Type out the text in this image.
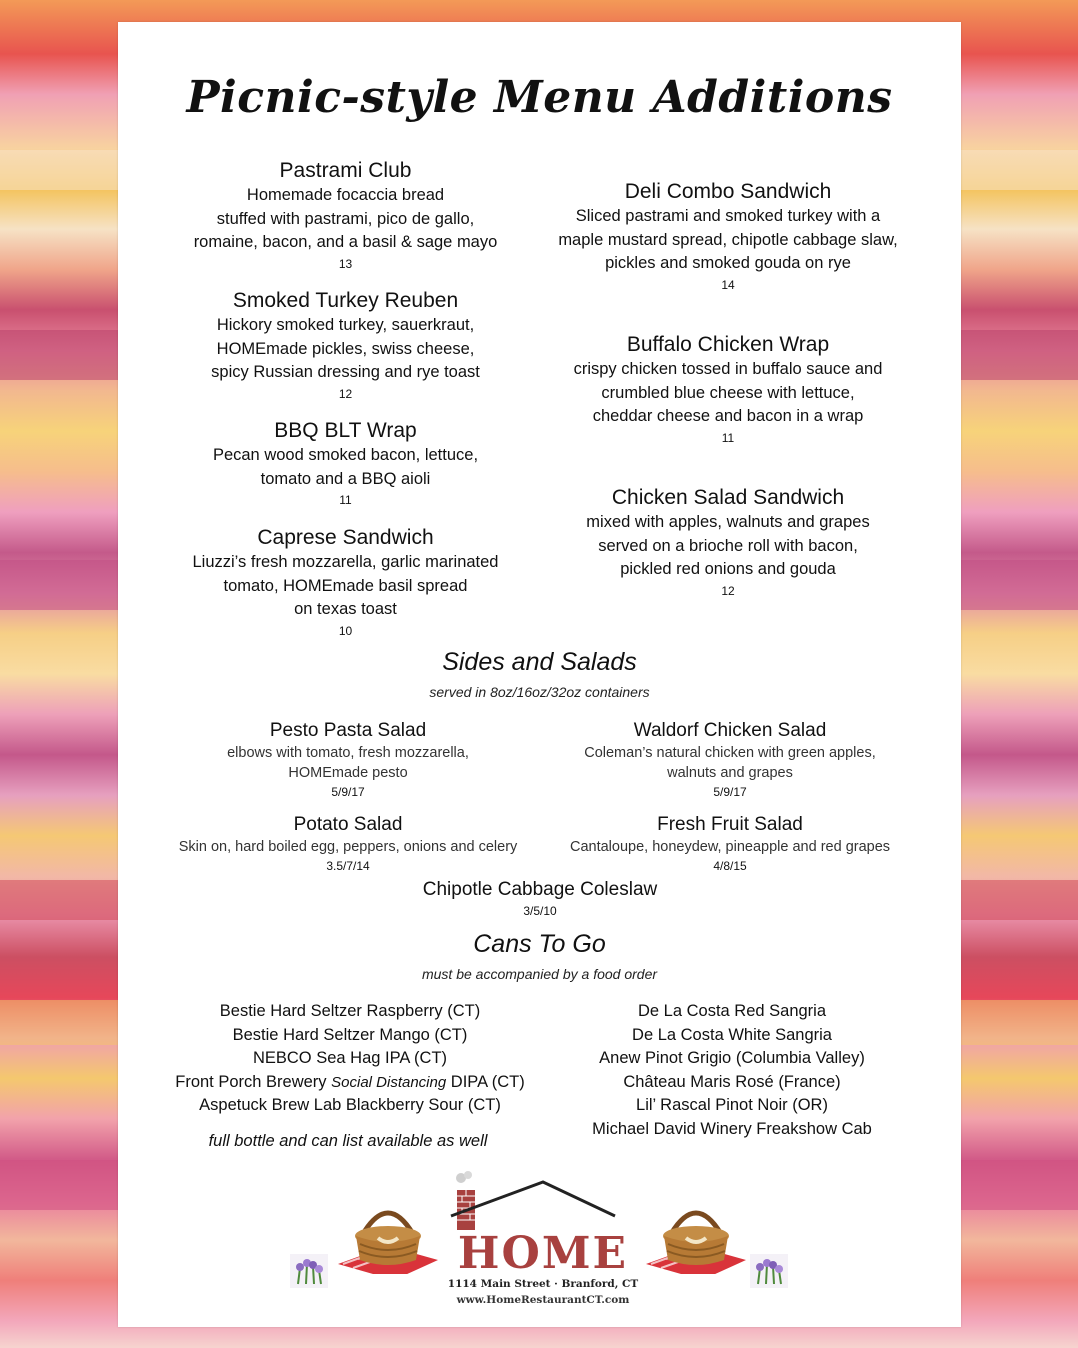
Picnic-style Menu Additions
Pastrami Club
Homemade focaccia bread
stuffed with pastrami, pico de gallo,
romaine, bacon, and a basil & sage mayo
13
Smoked Turkey Reuben
Hickory smoked turkey, sauerkraut,
HOMEmade pickles, swiss cheese,
spicy Russian dressing and rye toast
12
BBQ BLT Wrap
Pecan wood smoked bacon, lettuce,
tomato and a BBQ aioli
11
Caprese Sandwich
Liuzzi’s fresh mozzarella, garlic marinated
tomato, HOMEmade basil spread
on texas toast
10
Deli Combo Sandwich
Sliced pastrami and smoked turkey with a
maple mustard spread, chipotle cabbage slaw,
pickles and smoked gouda on rye
14
Buffalo Chicken Wrap
crispy chicken tossed in buffalo sauce and
crumbled blue cheese with lettuce,
cheddar cheese and bacon in a wrap
11
Chicken Salad Sandwich
mixed with apples, walnuts and grapes
served on a brioche roll with bacon,
pickled red onions and gouda
12
Sides and Salads
served in 8oz/16oz/32oz containers
Pesto Pasta Salad
elbows with tomato, fresh mozzarella,
HOMEmade pesto
5/9/17
Waldorf Chicken Salad
Coleman’s natural chicken with green apples,
walnuts and grapes
5/9/17
Potato Salad
Skin on, hard boiled egg, peppers, onions and celery
3.5/7/14
Fresh Fruit Salad
Cantaloupe, honeydew, pineapple and red grapes
4/8/15
Chipotle Cabbage Coleslaw
3/5/10
Cans To Go
must be accompanied by a food order
Bestie Hard Seltzer Raspberry (CT)
Bestie Hard Seltzer Mango (CT)
NEBCO Sea Hag IPA (CT)
Front Porch Brewery Social Distancing DIPA (CT)
Aspetuck Brew Lab Blackberry Sour (CT)
De La Costa Red Sangria
De La Costa White Sangria
Anew Pinot Grigio (Columbia Valley)
Château Maris Rosé (France)
Lil’ Rascal Pinot Noir (OR)
Michael David Winery Freakshow Cab
full bottle and can list available as well
HOME
1114 Main Street · Branford, CT
www.HomeRestaurantCT.com
